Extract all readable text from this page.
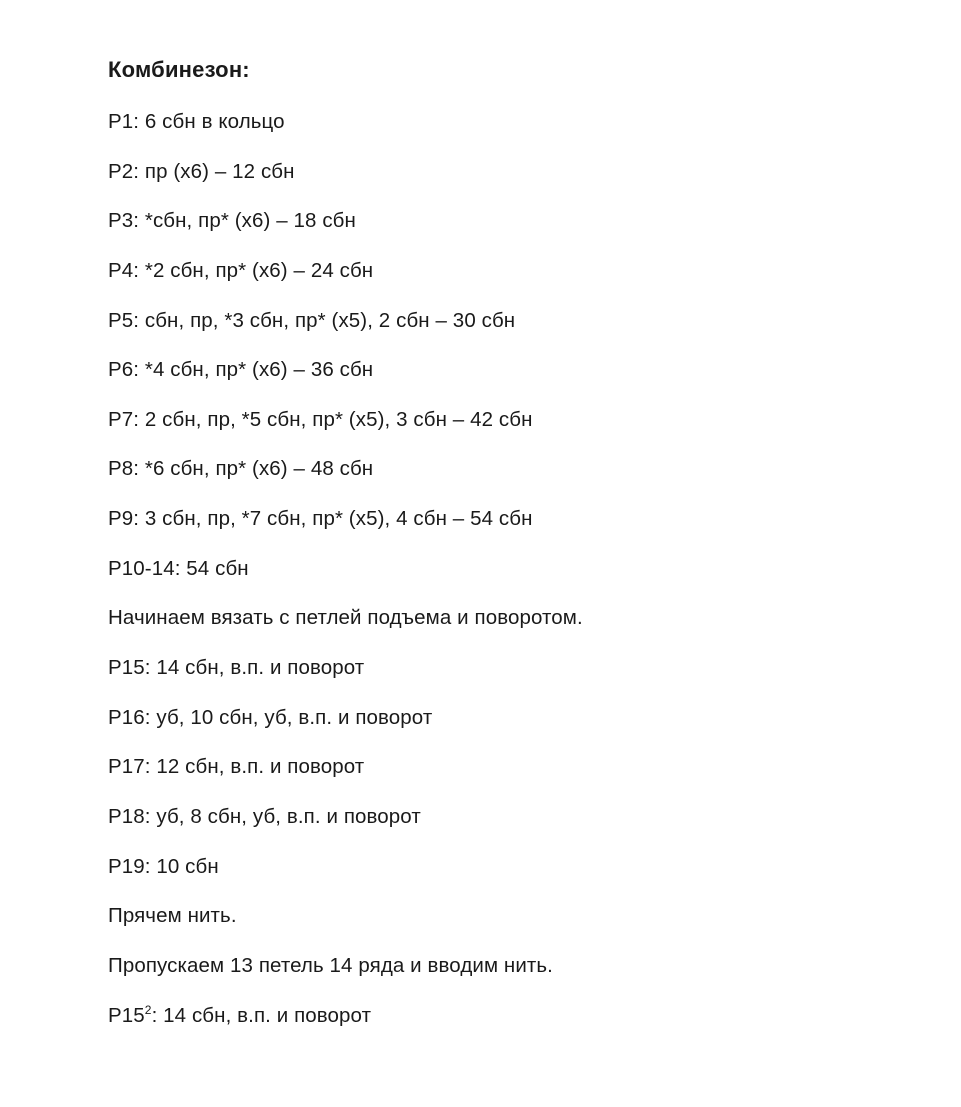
Комбинезон:
Р1: 6 сбн в кольцо
Р2: пр (х6) – 12 сбн
Р3: *сбн, пр* (х6) – 18 сбн
Р4: *2 сбн, пр* (х6) – 24 сбн
Р5: сбн, пр, *3 сбн, пр* (х5), 2 сбн – 30 сбн
Р6: *4 сбн, пр* (х6) – 36 сбн
Р7: 2 сбн, пр, *5 сбн, пр* (х5), 3 сбн – 42 сбн
Р8: *6 сбн, пр* (х6) – 48 сбн
Р9: 3 сбн, пр, *7 сбн, пр* (х5), 4 сбн – 54 сбн
Р10-14: 54 сбн
Начинаем вязать с петлей подъема и поворотом.
Р15: 14 сбн, в.п. и поворот
Р16: уб, 10 сбн, уб, в.п. и поворот
Р17: 12 сбн, в.п. и поворот
Р18: уб, 8 сбн, уб, в.п. и поворот
Р19: 10 сбн
Прячем нить.
Пропускаем 13 петель 14 ряда и вводим нить.
$Р15^2$: 14 сбн, в.п. и поворот
